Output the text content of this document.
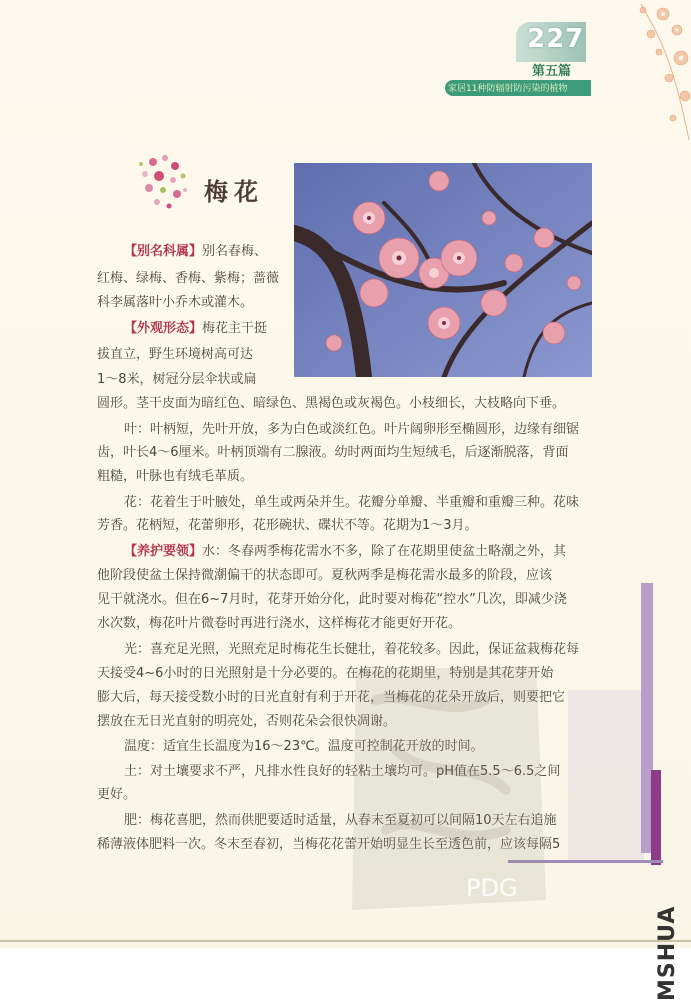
227
第五篇
家居11种防辐射防污染的植物
梅花
【别名科属】别名春梅、
红梅、绿梅、香梅、紫梅；蔷薇
科李属落叶小乔木或灌木。
【外观形态】梅花主干挺
拔直立，野生环境树高可达
1～8米，树冠分层伞状或扁
圆形。茎干皮面为暗红色、暗绿色、黑褐色或灰褐色。小枝细长，大枝略向下垂。
叶：叶柄短，先叶开放，多为白色或淡红色。叶片阔卵形至椭圆形，边缘有细锯
齿，叶长4～6厘米。叶柄顶端有二腺液。幼时两面均生短绒毛，后逐渐脱落，背面
粗糙，叶脉也有绒毛革质。
花：花着生于叶腋处，单生或两朵并生。花瓣分单瓣、半重瓣和重瓣三种。花味
芳香。花柄短，花蕾卵形，花形碗状、碟状不等。花期为1～3月。
【养护要领】水：冬春两季梅花需水不多，除了在花期里使盆土略潮之外，其
他阶段使盆土保持微潮偏干的状态即可。夏秋两季是梅花需水最多的阶段，应该
见干就浇水。但在6~7月时，花芽开始分化，此时要对梅花“控水”几次，即减少浇
水次数，梅花叶片微卷时再进行浇水，这样梅花才能更好开花。
光：喜充足光照，光照充足时梅花生长健壮，着花较多。因此，保证盆栽梅花每
天接受4~6小时的日光照射是十分必要的。在梅花的花期里，特别是其花芽开始
膨大后，每天接受数小时的日光直射有利于开花，当梅花的花朵开放后，则要把它
摆放在无日光直射的明亮处，否则花朵会很快凋谢。
温度：适宜生长温度为16～23℃。温度可控制花开放的时间。
土：对土壤要求不严，凡排水性良好的轻粘土壤均可。pH值在5.5～6.5之间
更好。
肥：梅花喜肥，然而供肥要适时适量，从春末至夏初可以间隔10天左右追施
稀薄液体肥料一次。冬末至春初，当梅花花蕾开始明显生长至透色前，应该每隔5
PDG
MSHUA
